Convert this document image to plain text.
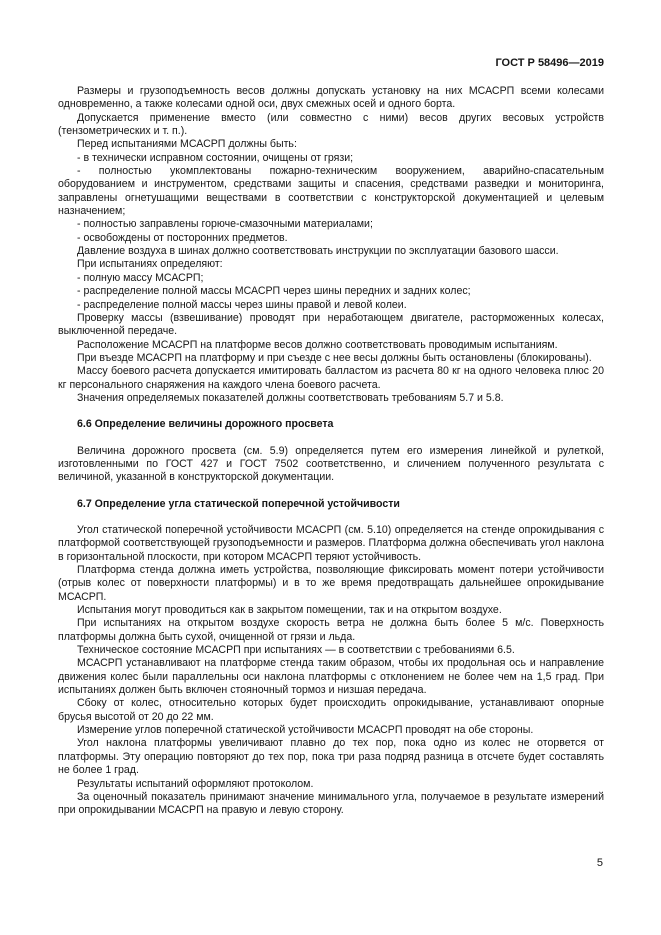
ГОСТ Р 58496—2019

Размеры и грузоподъемность весов должны допускать установку на них МСАСРП всеми колесами одновременно, а также колесами одной оси, двух смежных осей и одного борта.

Допускается применение вместо (или совместно с ними) весов других весовых устройств (тензометрических и т. п.).

Перед испытаниями МСАСРП должны быть:

- в технически исправном состоянии, очищены от грязи;

- полностью укомплектованы пожарно-техническим вооружением, аварийно-спасательным оборудованием и инструментом, средствами защиты и спасения, средствами разведки и мониторинга, заправлены огнетушащими веществами в соответствии с конструкторской документацией и целевым назначением;

- полностью заправлены горюче-смазочными материалами;

- освобождены от посторонних предметов.

Давление воздуха в шинах должно соответствовать инструкции по эксплуатации базового шасси.

При испытаниях определяют:

- полную массу МСАСРП;

- распределение полной массы МСАСРП через шины передних и задних колес;

- распределение полной массы через шины правой и левой колеи.

Проверку массы (взвешивание) проводят при неработающем двигателе, расторможенных колесах, выключенной передаче.

Расположение МСАСРП на платформе весов должно соответствовать проводимым испытаниям.

При въезде МСАСРП на платформу и при съезде с нее весы должны быть остановлены (блокированы).

Массу боевого расчета допускается имитировать балластом из расчета 80 кг на одного человека плюс 20 кг персонального снаряжения на каждого члена боевого расчета.

Значения определяемых показателей должны соответствовать требованиям 5.7 и 5.8.

6.6 Определение величины дорожного просвета

Величина дорожного просвета (см. 5.9) определяется путем его измерения линейкой и рулеткой, изготовленными по ГОСТ 427 и ГОСТ 7502 соответственно, и сличением полученного результата с величиной, указанной в конструкторской документации.

6.7 Определение угла статической поперечной устойчивости

Угол статической поперечной устойчивости МСАСРП (см. 5.10) определяется на стенде опрокидывания с платформой соответствующей грузоподъемности и размеров. Платформа должна обеспечивать угол наклона в горизонтальной плоскости, при котором МСАСРП теряют устойчивость.

Платформа стенда должна иметь устройства, позволяющие фиксировать момент потери устойчивости (отрыв колес от поверхности платформы) и в то же время предотвращать дальнейшее опрокидывание МСАСРП.

Испытания могут проводиться как в закрытом помещении, так и на открытом воздухе.

При испытаниях на открытом воздухе скорость ветра не должна быть более 5 м/с. Поверхность платформы должна быть сухой, очищенной от грязи и льда.

Техническое состояние МСАСРП при испытаниях — в соответствии с требованиями 6.5.

МСАСРП устанавливают на платформе стенда таким образом, чтобы их продольная ось и направление движения колес были параллельны оси наклона платформы с отклонением не более чем на 1,5 град. При испытаниях должен быть включен стояночный тормоз и низшая передача.

Сбоку от колес, относительно которых будет происходить опрокидывание, устанавливают опорные брусья высотой от 20 до 22 мм.

Измерение углов поперечной статической устойчивости МСАСРП проводят на обе стороны.

Угол наклона платформы увеличивают плавно до тех пор, пока одно из колес не оторвется от платформы. Эту операцию повторяют до тех пор, пока три раза подряд разница в отсчете будет составлять не более 1 град.

Результаты испытаний оформляют протоколом.

За оценочный показатель принимают значение минимального угла, получаемое в результате измерений при опрокидывании МСАСРП на правую и левую сторону.

5
